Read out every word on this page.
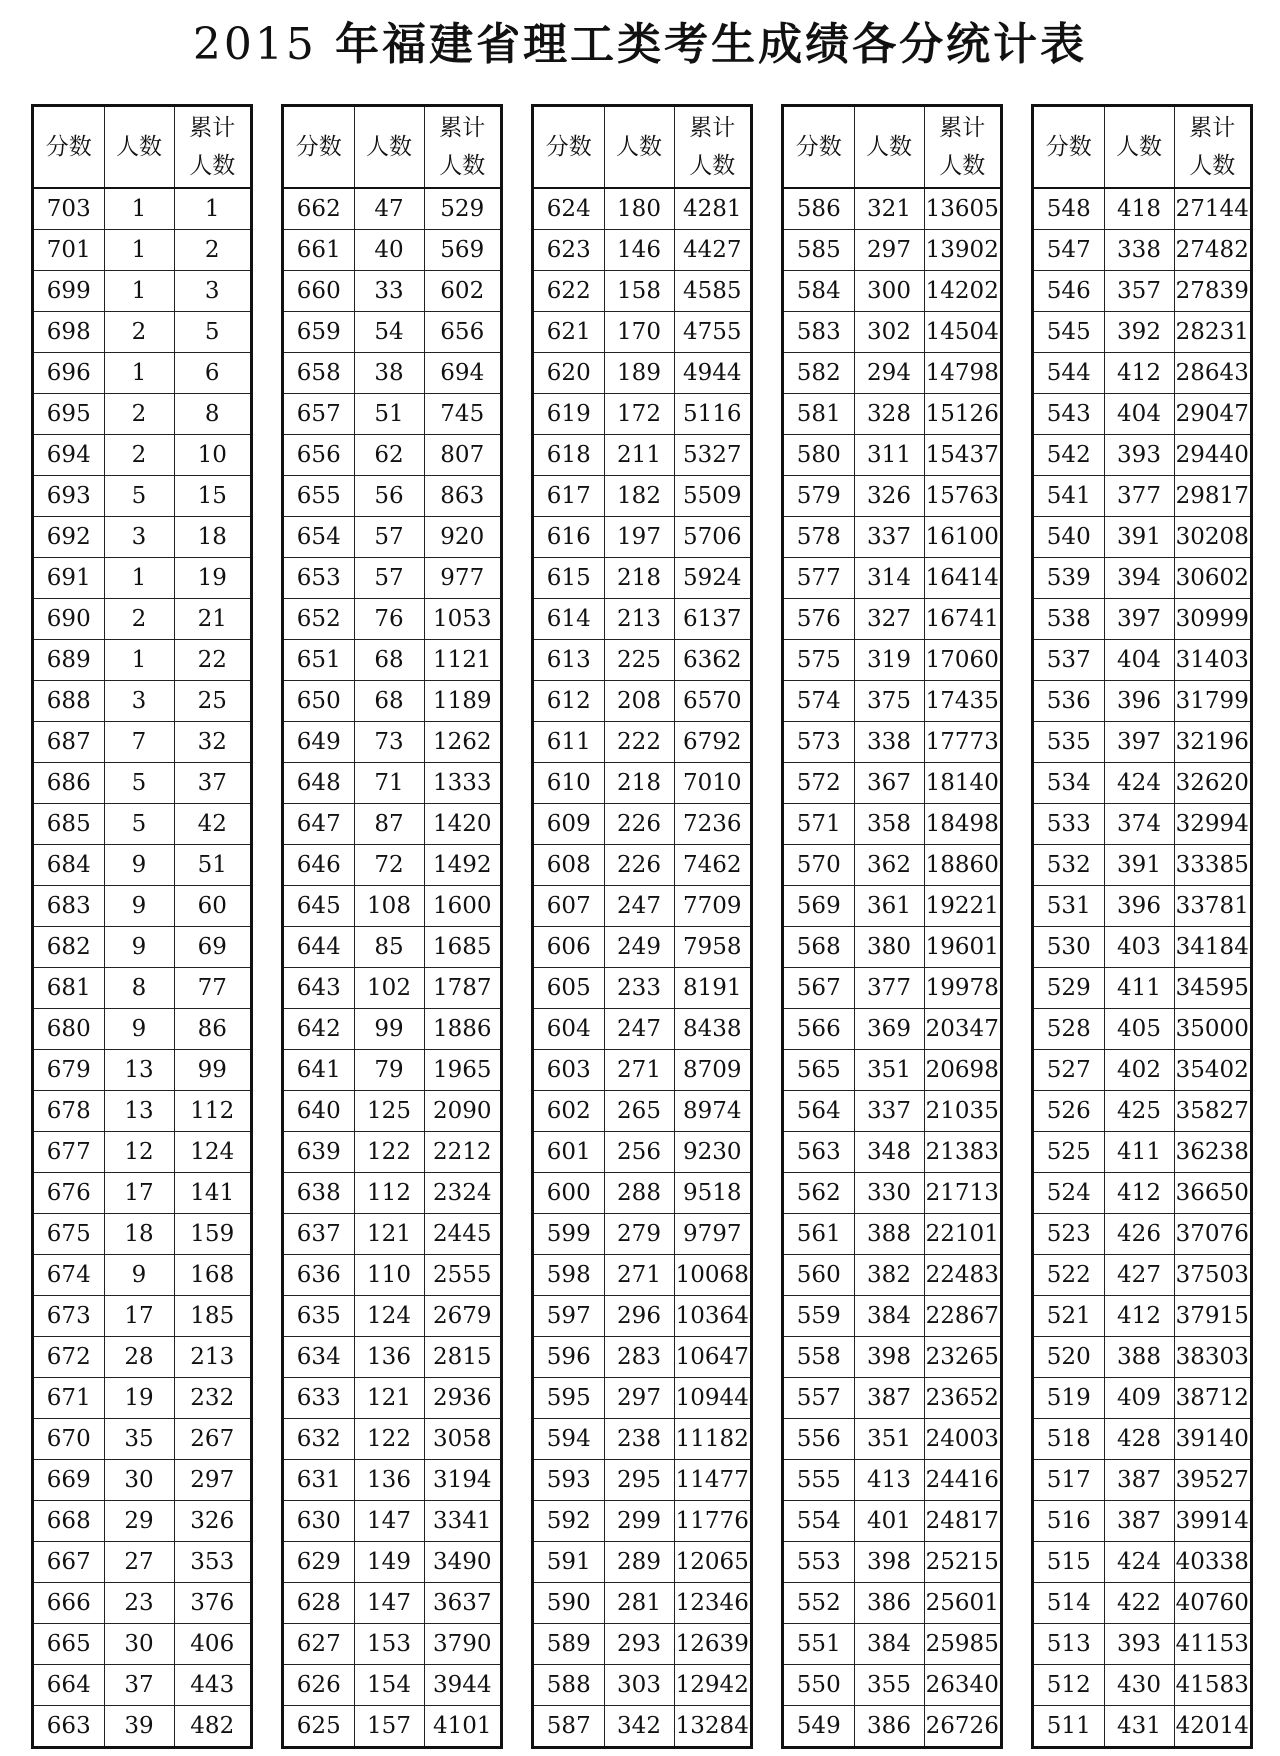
2015 年福建省理工类考生成绩各分统计表
分数	人数	累计
人数

703	1	1
701	1	2
699	1	3
698	2	5
696	1	6
695	2	8
694	2	10
693	5	15
692	3	18
691	1	19
690	2	21
689	1	22
688	3	25
687	7	32
686	5	37
685	5	42
684	9	51
683	9	60
682	9	69
681	8	77
680	9	86
679	13	99
678	13	112
677	12	124
676	17	141
675	18	159
674	9	168
673	17	185
672	28	213
671	19	232
670	35	267
669	30	297
668	29	326
667	27	353
666	23	376
665	30	406
664	37	443
663	39	482
分数	人数	累计
人数

662	47	529
661	40	569
660	33	602
659	54	656
658	38	694
657	51	745
656	62	807
655	56	863
654	57	920
653	57	977
652	76	1053
651	68	1121
650	68	1189
649	73	1262
648	71	1333
647	87	1420
646	72	1492
645	108	1600
644	85	1685
643	102	1787
642	99	1886
641	79	1965
640	125	2090
639	122	2212
638	112	2324
637	121	2445
636	110	2555
635	124	2679
634	136	2815
633	121	2936
632	122	3058
631	136	3194
630	147	3341
629	149	3490
628	147	3637
627	153	3790
626	154	3944
625	157	4101
分数	人数	累计
人数

624	180	4281
623	146	4427
622	158	4585
621	170	4755
620	189	4944
619	172	5116
618	211	5327
617	182	5509
616	197	5706
615	218	5924
614	213	6137
613	225	6362
612	208	6570
611	222	6792
610	218	7010
609	226	7236
608	226	7462
607	247	7709
606	249	7958
605	233	8191
604	247	8438
603	271	8709
602	265	8974
601	256	9230
600	288	9518
599	279	9797
598	271	10068
597	296	10364
596	283	10647
595	297	10944
594	238	11182
593	295	11477
592	299	11776
591	289	12065
590	281	12346
589	293	12639
588	303	12942
587	342	13284
分数	人数	累计
人数

586	321	13605
585	297	13902
584	300	14202
583	302	14504
582	294	14798
581	328	15126
580	311	15437
579	326	15763
578	337	16100
577	314	16414
576	327	16741
575	319	17060
574	375	17435
573	338	17773
572	367	18140
571	358	18498
570	362	18860
569	361	19221
568	380	19601
567	377	19978
566	369	20347
565	351	20698
564	337	21035
563	348	21383
562	330	21713
561	388	22101
560	382	22483
559	384	22867
558	398	23265
557	387	23652
556	351	24003
555	413	24416
554	401	24817
553	398	25215
552	386	25601
551	384	25985
550	355	26340
549	386	26726
分数	人数	累计
人数

548	418	27144
547	338	27482
546	357	27839
545	392	28231
544	412	28643
543	404	29047
542	393	29440
541	377	29817
540	391	30208
539	394	30602
538	397	30999
537	404	31403
536	396	31799
535	397	32196
534	424	32620
533	374	32994
532	391	33385
531	396	33781
530	403	34184
529	411	34595
528	405	35000
527	402	35402
526	425	35827
525	411	36238
524	412	36650
523	426	37076
522	427	37503
521	412	37915
520	388	38303
519	409	38712
518	428	39140
517	387	39527
516	387	39914
515	424	40338
514	422	40760
513	393	41153
512	430	41583
511	431	42014
